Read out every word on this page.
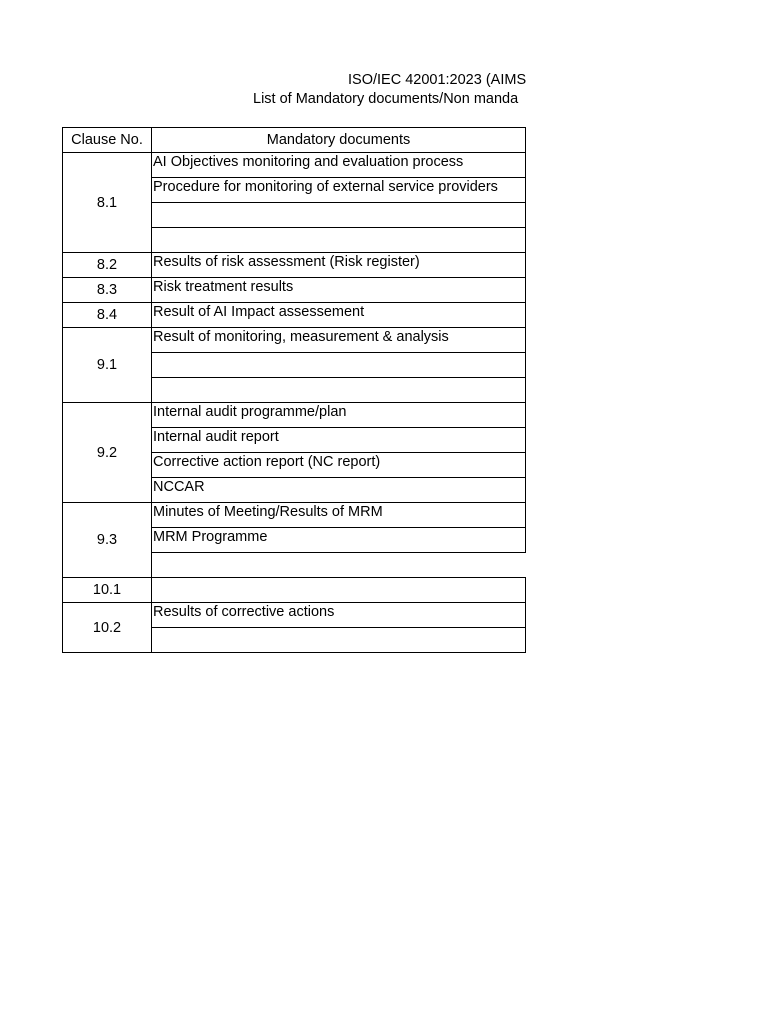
ISO/IEC 42001:2023 (AIMS
List of Mandatory documents/Non manda
Clause No.	Mandatory documents
8.1	AI Objectives monitoring and evaluation process
	Procedure for monitoring of external service providers

8.2	Results of risk assessment (Risk register)
8.3	Risk treatment results
8.4	Result of AI Impact assessement
9.1	Result of monitoring, measurement & analysis

9.2	Internal audit programme/plan
	Internal audit report
	Corrective action report (NC report)
	NCCAR
9.3	Minutes of Meeting/Results of MRM
	MRM Programme

10.1	
10.2	Results of corrective actions
